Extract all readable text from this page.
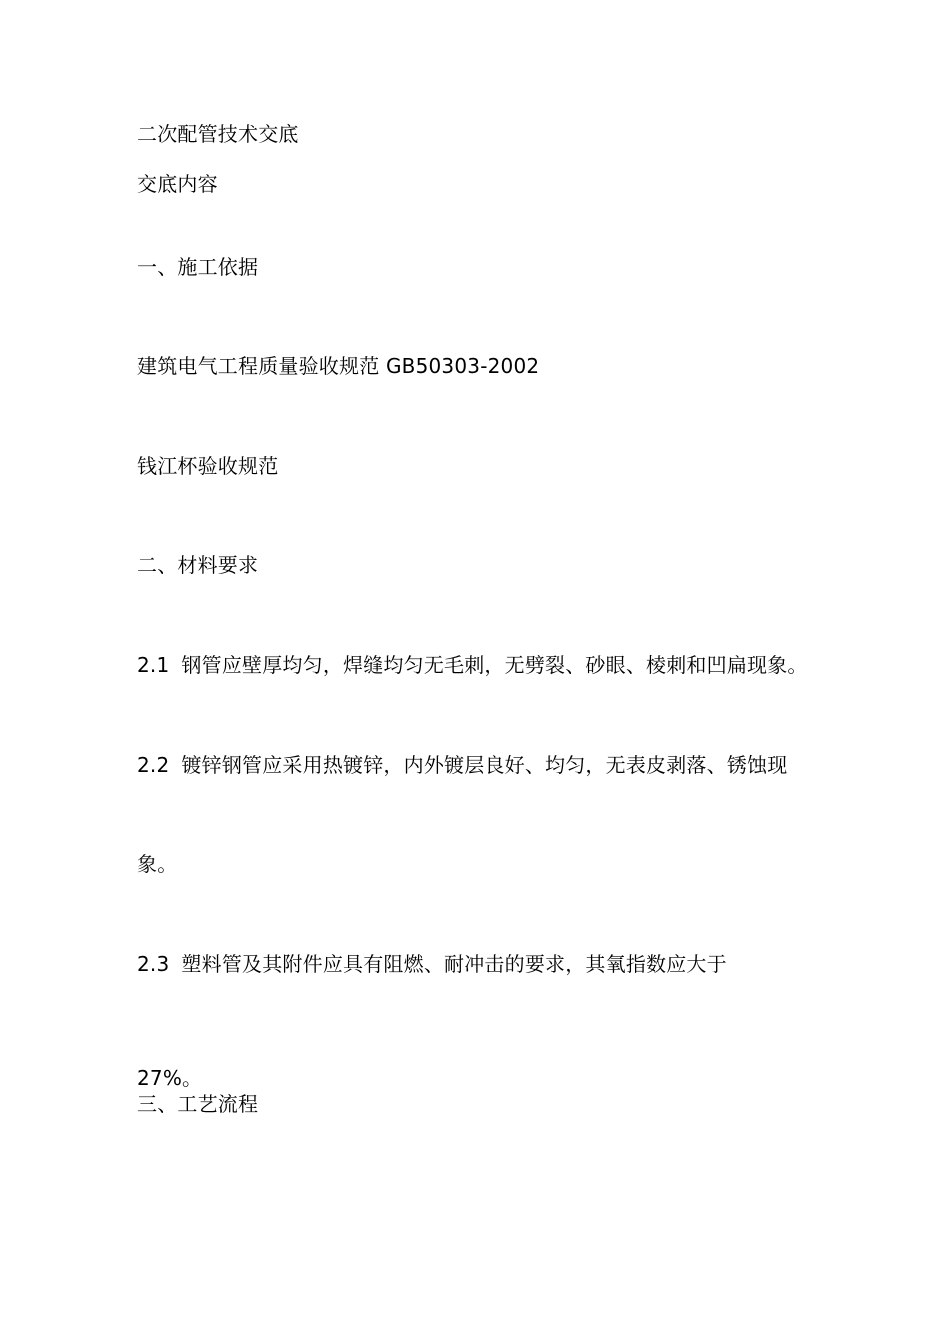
二次配管技术交底
交底内容
一、施工依据
建筑电气工程质量验收规范 GB50303-2002
钱江杯验收规范
二、材料要求
2.1 钢管应壁厚均匀，焊缝均匀无毛刺，无劈裂、砂眼、棱刺和凹扁现象。
2.2 镀锌钢管应采用热镀锌，内外镀层良好、均匀，无表皮剥落、锈蚀现
象。
2.3 塑料管及其附件应具有阻燃、耐冲击的要求，其氧指数应大于
27%。
三、工艺流程
